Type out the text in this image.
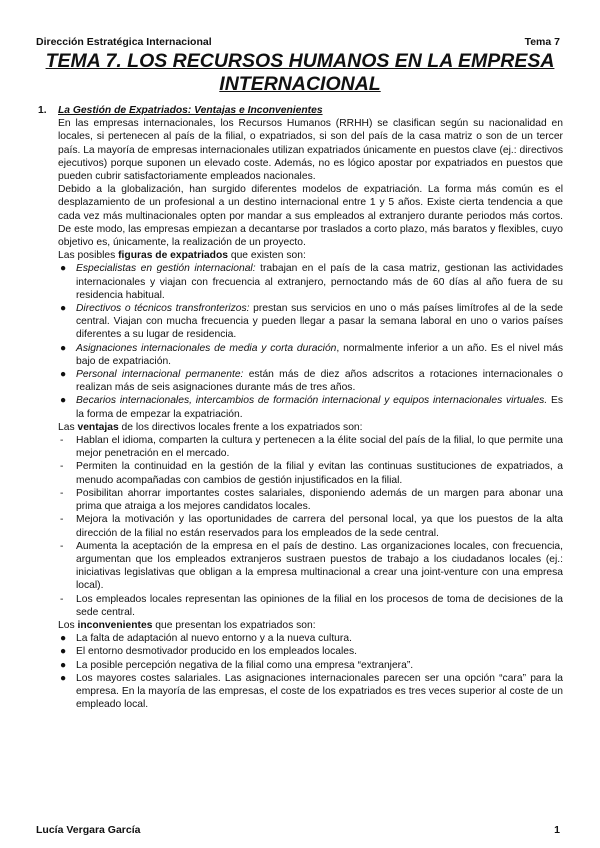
Dirección Estratégica Internacional	Tema 7
TEMA 7. LOS RECURSOS HUMANOS EN LA EMPRESA INTERNACIONAL
1. La Gestión de Expatriados: Ventajas e Inconvenientes

En las empresas internacionales, los Recursos Humanos (RRHH) se clasifican según su nacionalidad en locales, si pertenecen al país de la filial, o expatriados, si son del país de la casa matriz o son de un tercer país. La mayoría de empresas internacionales utilizan expatriados únicamente en puestos clave (ej.: directivos ejecutivos) porque suponen un elevado coste. Además, no es lógico apostar por expatriados en puestos que pueden cubrir satisfactoriamente empleados nacionales.

Debido a la globalización, han surgido diferentes modelos de expatriación. La forma más común es el desplazamiento de un profesional a un destino internacional entre 1 y 5 años. Existe cierta tendencia a que cada vez más multinacionales opten por mandar a sus empleados al extranjero durante periodos más cortos. De este modo, las empresas empiezan a decantarse por traslados a corto plazo, más baratos y flexibles, cuyo objetivo es, únicamente, la realización de un proyecto.

Las posibles figuras de expatriados que existen son:

● Especialistas en gestión internacional: trabajan en el país de la casa matriz, gestionan las actividades internacionales y viajan con frecuencia al extranjero, pernoctando más de 60 días al año fuera de su residencia habitual.
● Directivos o técnicos transfronterizos: prestan sus servicios en uno o más países limítrofes al de la sede central. Viajan con mucha frecuencia y pueden llegar a pasar la semana laboral en uno o varios países diferentes a su lugar de residencia.
● Asignaciones internacionales de media y corta duración, normalmente inferior a un año. Es el nivel más bajo de expatriación.
● Personal internacional permanente: están más de diez años adscritos a rotaciones internacionales o realizan más de seis asignaciones durante más de tres años.
● Becarios internacionales, intercambios de formación internacional y equipos internacionales virtuales. Es la forma de empezar la expatriación.

Las ventajas de los directivos locales frente a los expatriados son:

- Hablan el idioma, comparten la cultura y pertenecen a la élite social del país de la filial, lo que permite una mejor penetración en el mercado.
- Permiten la continuidad en la gestión de la filial y evitan las continuas sustituciones de expatriados, a menudo acompañadas con cambios de gestión injustificados en la filial.
- Posibilitan ahorrar importantes costes salariales, disponiendo además de un margen para abonar una prima que atraiga a los mejores candidatos locales.
- Mejora la motivación y las oportunidades de carrera del personal local, ya que los puestos de la alta dirección de la filial no están reservados para los empleados de la sede central.
- Aumenta la aceptación de la empresa en el país de destino. Las organizaciones locales, con frecuencia, argumentan que los empleados extranjeros sustraen puestos de trabajo a los ciudadanos locales (ej.: iniciativas legislativas que obligan a la empresa multinacional a crear una joint-venture con una empresa local).
- Los empleados locales representan las opiniones de la filial en los procesos de toma de decisiones de la sede central.

Los inconvenientes que presentan los expatriados son:

● La falta de adaptación al nuevo entorno y a la nueva cultura.
● El entorno desmotivador producido en los empleados locales.
● La posible percepción negativa de la filial como una empresa “extranjera”.
● Los mayores costes salariales. Las asignaciones internacionales parecen ser una opción “cara” para la empresa. En la mayoría de las empresas, el coste de los expatriados es tres veces superior al coste de un empleado local.
Lucía Vergara García	1
